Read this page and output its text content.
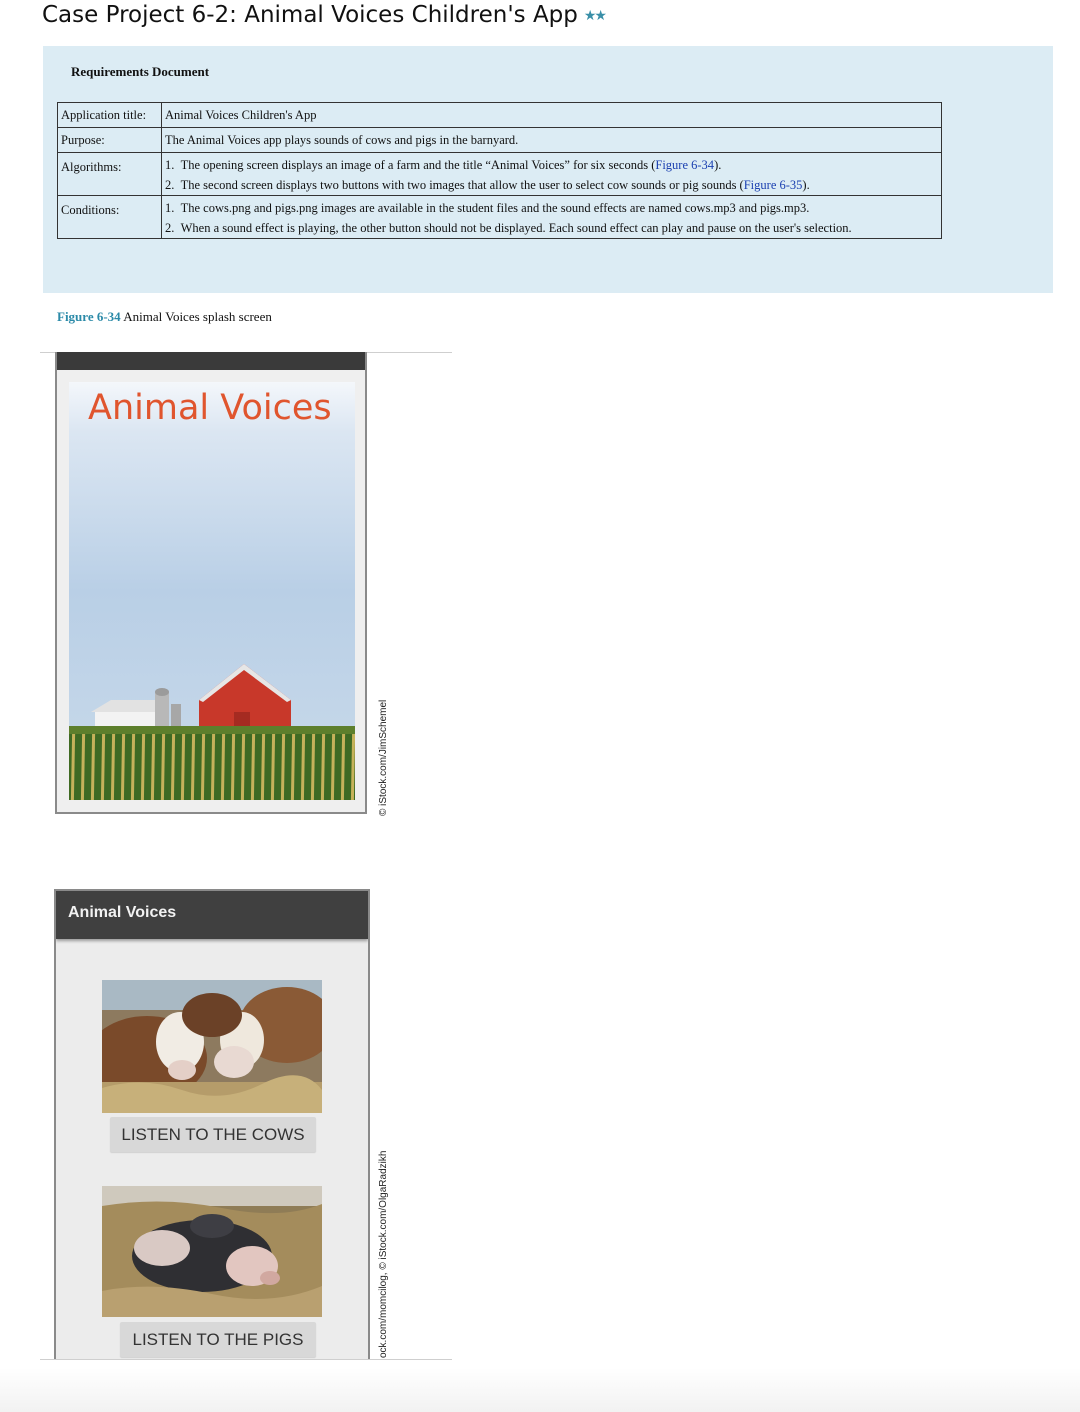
Case Project 6-2: Animal Voices Children's App ★★
Requirements Document
Application title:	Animal Voices Children's App
Purpose:	The Animal Voices app plays sounds of cows and pigs in the barnyard.
Algorithms:	1. The opening screen displays an image of a farm and the title “Animal Voices” for six seconds (Figure 6-34).
2. The second screen displays two buttons with two images that allow the user to select cow sounds or pig sounds (Figure 6-35).

Conditions:	1. The cows.png and pigs.png images are available in the student files and the sound effects are named cows.mp3 and pigs.mp3.
2. When a sound effect is playing, the other button should not be displayed. Each sound effect can play and pause on the user's selection.
Figure 6-34 Animal Voices splash screen
Animal Voices
© iStock.com/JimSchemel
Animal Voices
LISTEN TO THE COWS
LISTEN TO THE PIGS	ock.com/momcilog, © iStock.com/OlgaRadzikh
